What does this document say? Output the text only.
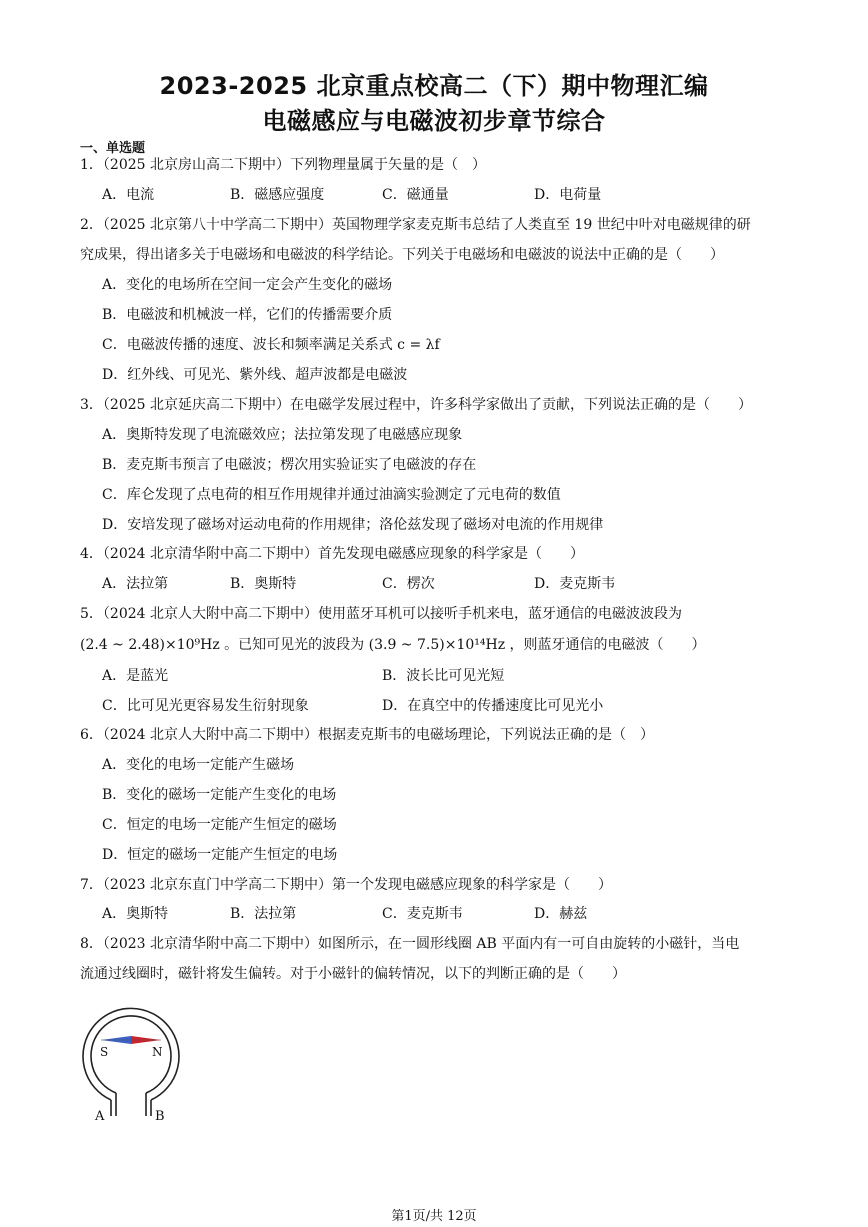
2023-2025 北京重点校高二（下）期中物理汇编
电磁感应与电磁波初步章节综合
一、单选题
1．（2025 北京房山高二下期中）下列物理量属于矢量的是（　）
A．电流	B．磁感应强度	C．磁通量	D．电荷量
2．（2025 北京第八十中学高二下期中）英国物理学家麦克斯韦总结了人类直至 19 世纪中叶对电磁规律的研
究成果，得出诸多关于电磁场和电磁波的科学结论。下列关于电磁场和电磁波的说法中正确的是（　　）
A．变化的电场所在空间一定会产生变化的磁场
B．电磁波和机械波一样，它们的传播需要介质
C．电磁波传播的速度、波长和频率满足关系式 c = λf
D．红外线、可见光、紫外线、超声波都是电磁波
3．（2025 北京延庆高二下期中）在电磁学发展过程中，许多科学家做出了贡献，下列说法正确的是（　　）
A．奥斯特发现了电流磁效应；法拉第发现了电磁感应现象
B．麦克斯韦预言了电磁波；楞次用实验证实了电磁波的存在
C．库仑发现了点电荷的相互作用规律并通过油滴实验测定了元电荷的数值
D．安培发现了磁场对运动电荷的作用规律；洛伦兹发现了磁场对电流的作用规律
4．（2024 北京清华附中高二下期中）首先发现电磁感应现象的科学家是（　　）
A．法拉第	B．奥斯特	C．楞次	D．麦克斯韦
5．（2024 北京人大附中高二下期中）使用蓝牙耳机可以接听手机来电，蓝牙通信的电磁波波段为
(2.4 ~ 2.48)×10⁹Hz 。已知可见光的波段为 (3.9 ~ 7.5)×10¹⁴Hz ，则蓝牙通信的电磁波（　　）
A．是蓝光	B．波长比可见光短
C．比可见光更容易发生衍射现象	D．在真空中的传播速度比可见光小
6．（2024 北京人大附中高二下期中）根据麦克斯韦的电磁场理论，下列说法正确的是（　）
A．变化的电场一定能产生磁场
B．变化的磁场一定能产生变化的电场
C．恒定的电场一定能产生恒定的磁场
D．恒定的磁场一定能产生恒定的电场
7．（2023 北京东直门中学高二下期中）第一个发现电磁感应现象的科学家是（　　）
A．奥斯特	B．法拉第	C．麦克斯韦	D．赫兹
8．（2023 北京清华附中高二下期中）如图所示，在一圆形线圈 AB 平面内有一可自由旋转的小磁针，当电
流通过线圈时，磁针将发生偏转。对于小磁针的偏转情况，以下的判断正确的是（　　）
S	N
A	B
第1页/共 12页
